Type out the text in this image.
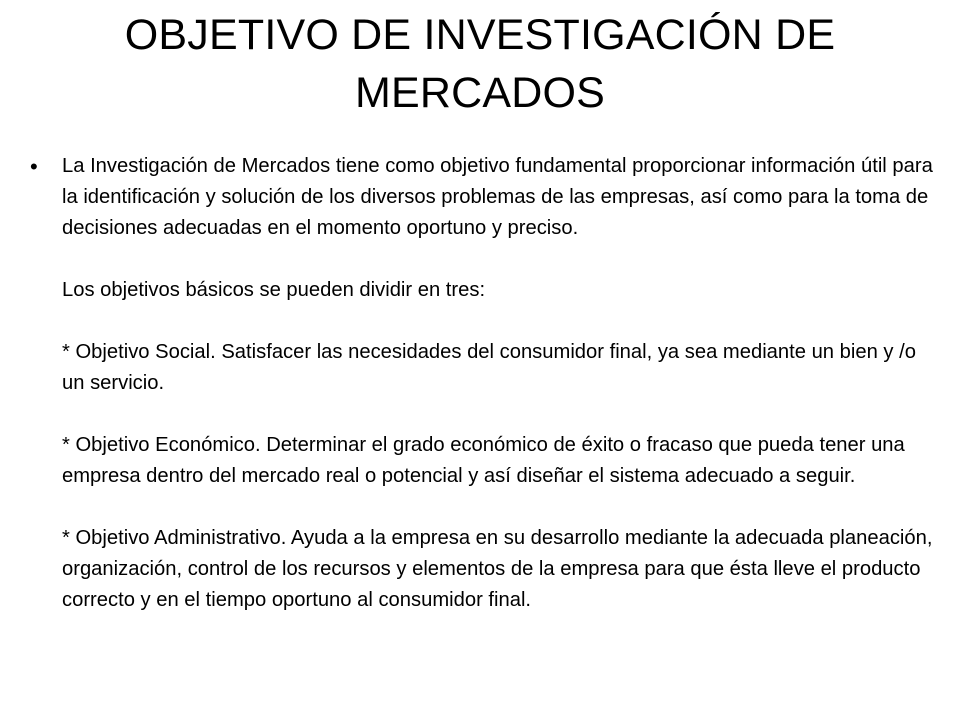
OBJETIVO DE INVESTIGACIÓN DE MERCADOS
• La Investigación de Mercados tiene como objetivo fundamental proporcionar información útil para la identificación y solución de los diversos problemas de las empresas, así como para la toma de decisiones adecuadas en el momento oportuno y preciso.

Los objetivos básicos se pueden dividir en tres:

* Objetivo Social. Satisfacer las necesidades del consumidor final, ya sea mediante un bien y /o un servicio.

* Objetivo Económico. Determinar el grado económico de éxito o fracaso que pueda tener una empresa dentro del mercado real o potencial y así diseñar el sistema adecuado a seguir.

* Objetivo Administrativo. Ayuda a la empresa en su desarrollo mediante la adecuada planeación, organización, control de los recursos y elementos de la empresa para que ésta lleve el producto correcto y en el tiempo oportuno al consumidor final.
